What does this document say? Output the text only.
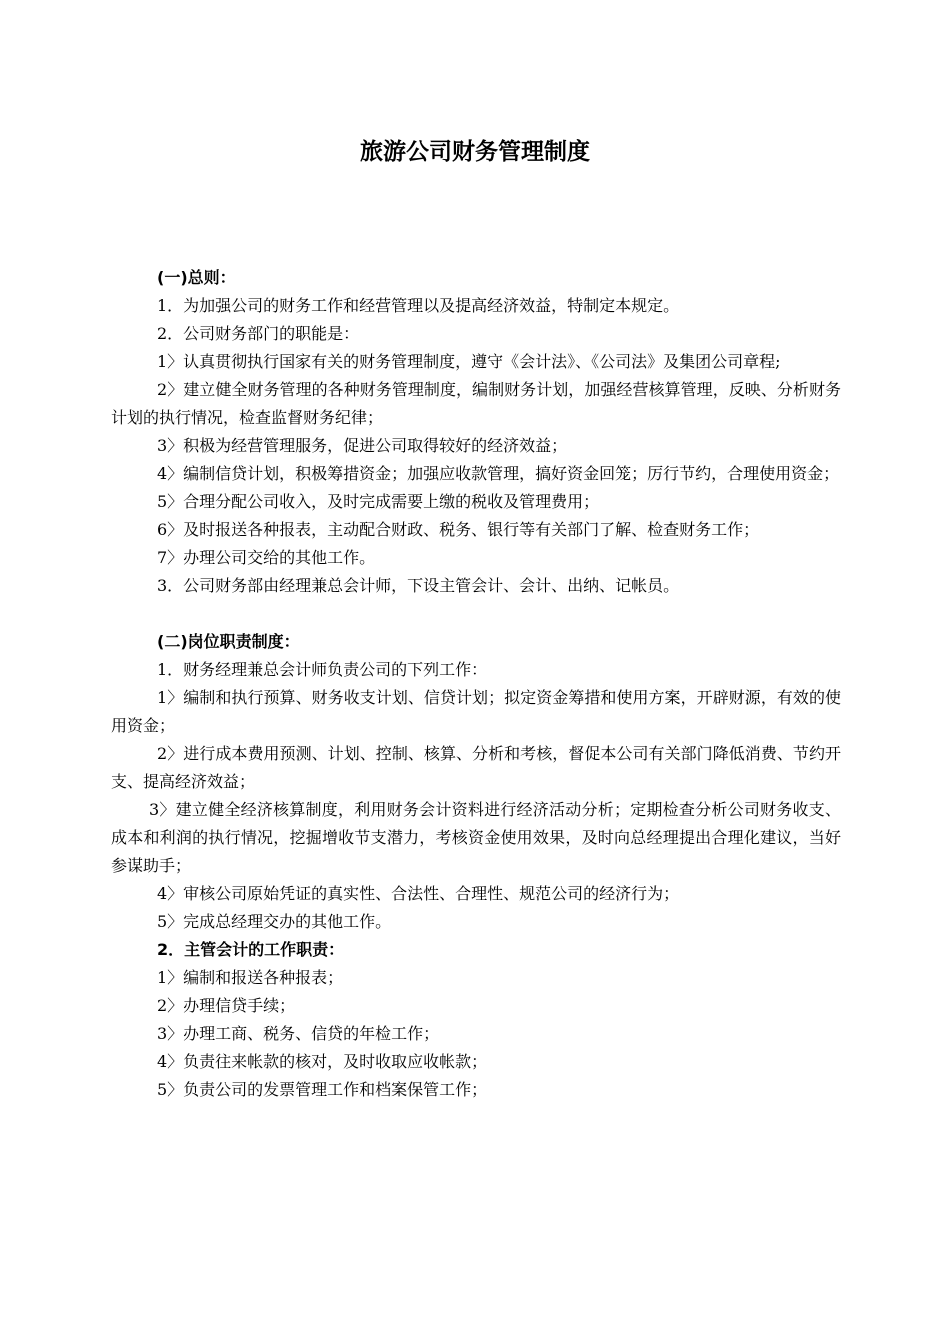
旅游公司财务管理制度

(一)总则：

1．为加强公司的财务工作和经营管理以及提高经济效益，特制定本规定。

2．公司财务部门的职能是：

1〉认真贯彻执行国家有关的财务管理制度，遵守《会计法》、《公司法》及集团公司章程;

2〉建立健全财务管理的各种财务管理制度，编制财务计划，加强经营核算管理，反映、分析财务计划的执行情况，检查监督财务纪律；

3〉积极为经营管理服务，促进公司取得较好的经济效益；

4〉编制信贷计划，积极筹措资金；加强应收款管理，搞好资金回笼；厉行节约，合理使用资金；

5〉合理分配公司收入，及时完成需要上缴的税收及管理费用；

6〉及时报送各种报表，主动配合财政、税务、银行等有关部门了解、检查财务工作；

7〉办理公司交给的其他工作。

3．公司财务部由经理兼总会计师，下设主管会计、会计、出纳、记帐员。

(二)岗位职责制度：

1．财务经理兼总会计师负责公司的下列工作：

1〉编制和执行预算、财务收支计划、信贷计划；拟定资金筹措和使用方案，开辟财源，有效的使用资金；

2〉进行成本费用预测、计划、控制、核算、分析和考核，督促本公司有关部门降低消费、节约开支、提高经济效益；

3〉建立健全经济核算制度，利用财务会计资料进行经济活动分析；定期检查分析公司财务收支、成本和利润的执行情况，挖掘增收节支潜力，考核资金使用效果，及时向总经理提出合理化建议，当好参谋助手；

4〉审核公司原始凭证的真实性、合法性、合理性、规范公司的经济行为；

5〉完成总经理交办的其他工作。

2．主管会计的工作职责：

1〉编制和报送各种报表；

2〉办理信贷手续；

3〉办理工商、税务、信贷的年检工作；

4〉负责往来帐款的核对，及时收取应收帐款；

5〉负责公司的发票管理工作和档案保管工作；
